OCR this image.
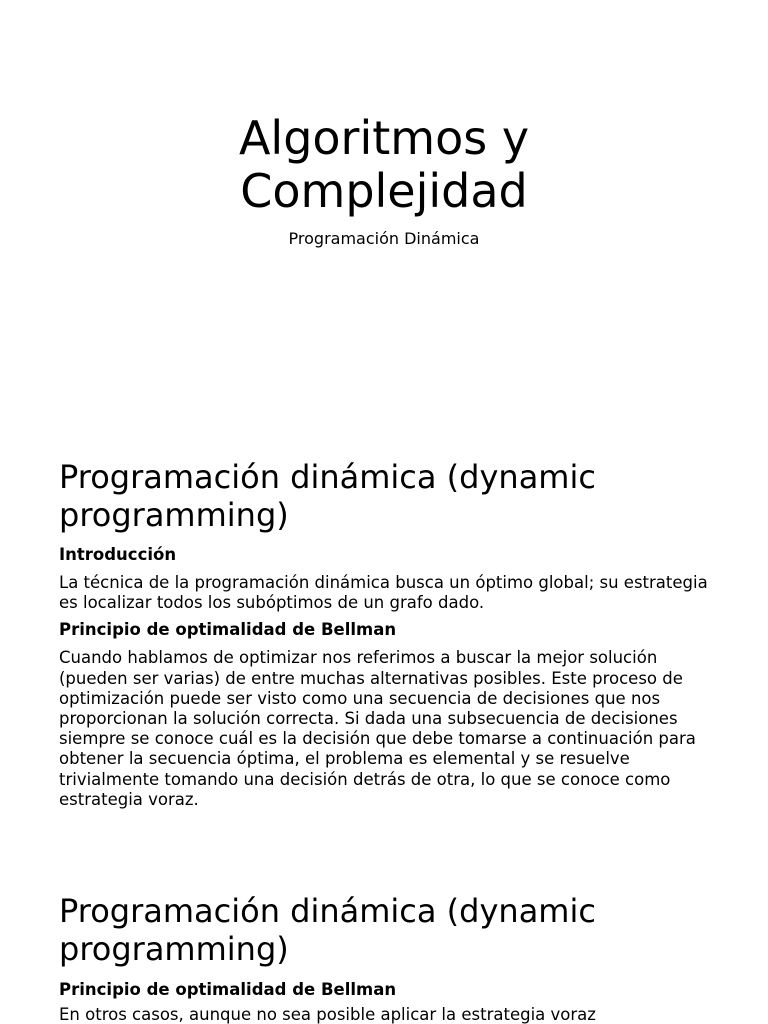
Algoritmos y
Complejidad

Programación Dinámica

Programación dinámica (dynamic
programming)

Introducción

La técnica de la programación dinámica busca un óptimo global; su estrategia es localizar todos los subóptimos de un grafo dado.

Principio de optimalidad de Bellman

Cuando hablamos de optimizar nos referimos a buscar la mejor solución (pueden ser varias) de entre muchas alternativas posibles. Este proceso de optimización puede ser visto como una secuencia de decisiones que nos proporcionan la solución correcta. Si dada una subsecuencia de decisiones siempre se conoce cuál es la decisión que debe tomarse a continuación para obtener la secuencia óptima, el problema es elemental y se resuelve trivialmente tomando una decisión detrás de otra, lo que se conoce como estrategia voraz.

Programación dinámica (dynamic
programming)

Principio de optimalidad de Bellman

En otros casos, aunque no sea posible aplicar la estrategia voraz
